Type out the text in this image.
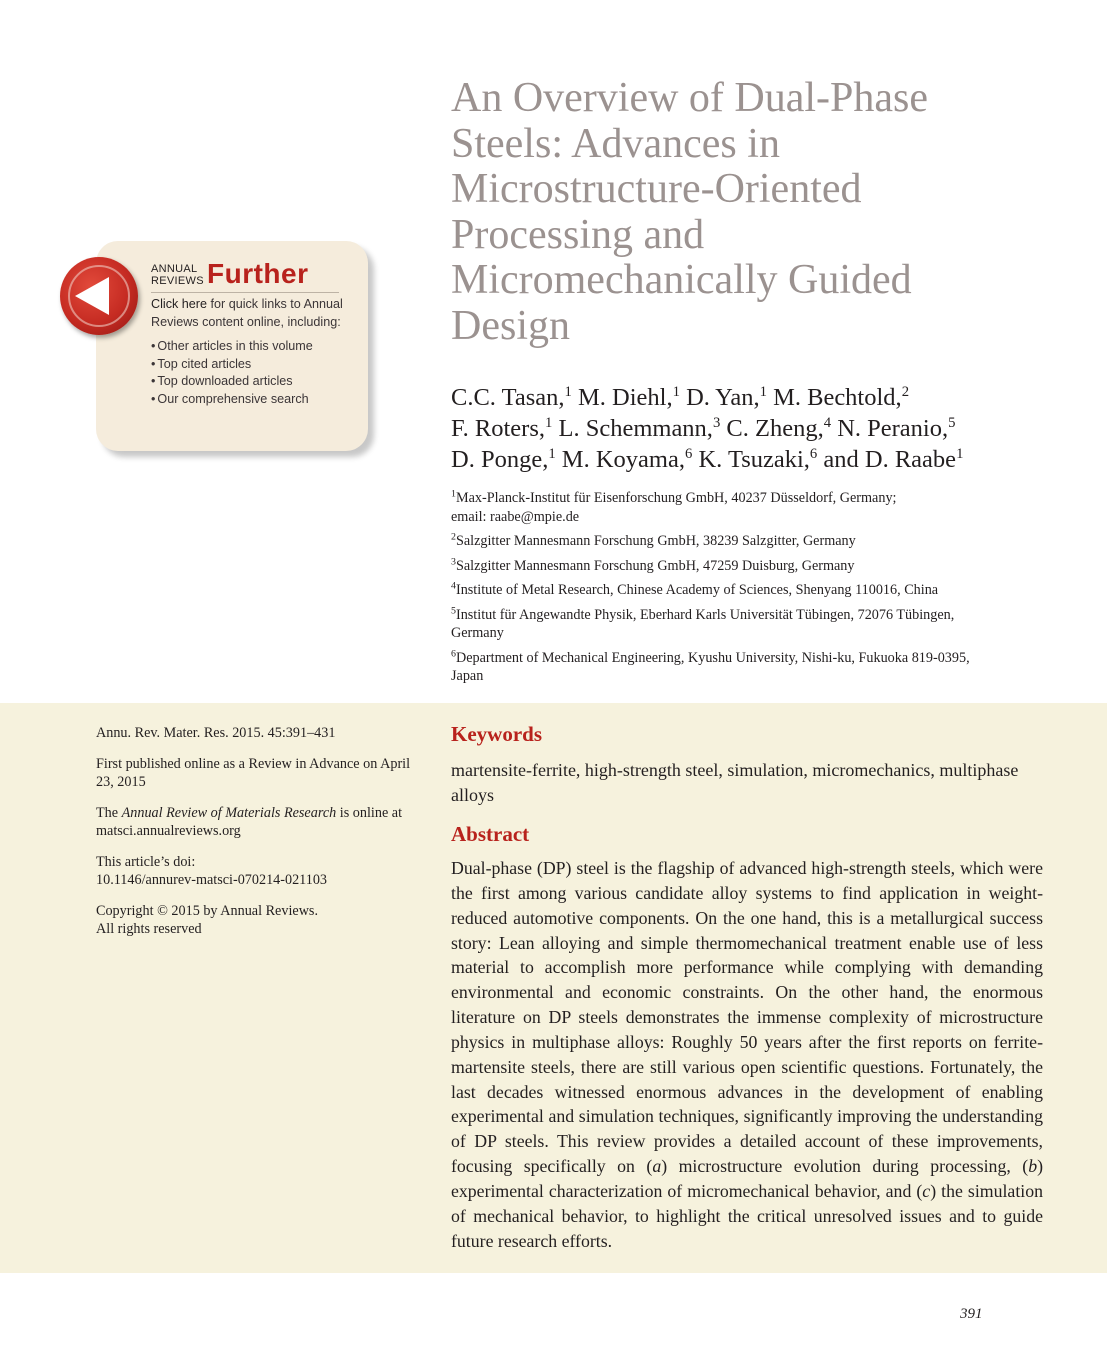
An Overview of Dual-Phase
Steels: Advances in
Microstructure-Oriented
Processing and
Micromechanically Guided
Design
C.C. Tasan,$^1$ M. Diehl,$^1$ D. Yan,$^1$ M. Bechtold,$^2$
F. Roters,$^1$ L. Schemmann,$^3$ C. Zheng,$^4$ N. Peranio,$^5$
D. Ponge,$^1$ M. Koyama,$^6$ K. Tsuzaki,$^6$ and D. Raabe$^1$
$^1$Max-Planck-Institut für Eisenforschung GmbH, 40237 Düsseldorf, Germany;
email: raabe@mpie.de
$^2$Salzgitter Mannesmann Forschung GmbH, 38239 Salzgitter, Germany
$^3$Salzgitter Mannesmann Forschung GmbH, 47259 Duisburg, Germany
$^4$Institute of Metal Research, Chinese Academy of Sciences, Shenyang 110016, China
$^5$Institut für Angewandte Physik, Eberhard Karls Universität Tübingen, 72076 Tübingen,
Germany
$^6$Department of Mechanical Engineering, Kyushu University, Nishi-ku, Fukuoka 819-0395,
Japan
ANNUAL
REVIEWS Further
Click here for quick links to Annual Reviews content online, including:
• Other articles in this volume
• Top cited articles
• Top downloaded articles
• Our comprehensive search

Annu. Rev. Mater. Res. 2015. 45:391–431

First published online as a Review in Advance on April 23, 2015

The Annual Review of Materials Research is online at matsci.annualreviews.org

This article’s doi:
10.1146/annurev-matsci-070214-021103

Copyright © 2015 by Annual Reviews.
All rights reserved

Keywords

martensite-ferrite, high-strength steel, simulation, micromechanics, multiphase alloys

Abstract

Dual-phase (DP) steel is the flagship of advanced high-strength steels, which were the first among various candidate alloy systems to find application in weight-reduced automotive components. On the one hand, this is a metallurgical success story: Lean alloying and simple thermomechanical treatment enable use of less material to accomplish more performance while complying with demanding environmental and economic constraints. On the other hand, the enormous literature on DP steels demonstrates the immense complexity of microstructure physics in multiphase alloys: Roughly 50 years after the first reports on ferrite-martensite steels, there are still various open scientific questions. Fortunately, the last decades witnessed enormous advances in the development of enabling experimental and simulation techniques, significantly improving the understanding of DP steels. This review provides a detailed account of these improvements, focusing specifically on (a) microstructure evolution during processing, (b) experimental characterization of micromechanical behavior, and (c) the simulation of mechanical behavior, to highlight the critical unresolved issues and to guide future research efforts.

391
